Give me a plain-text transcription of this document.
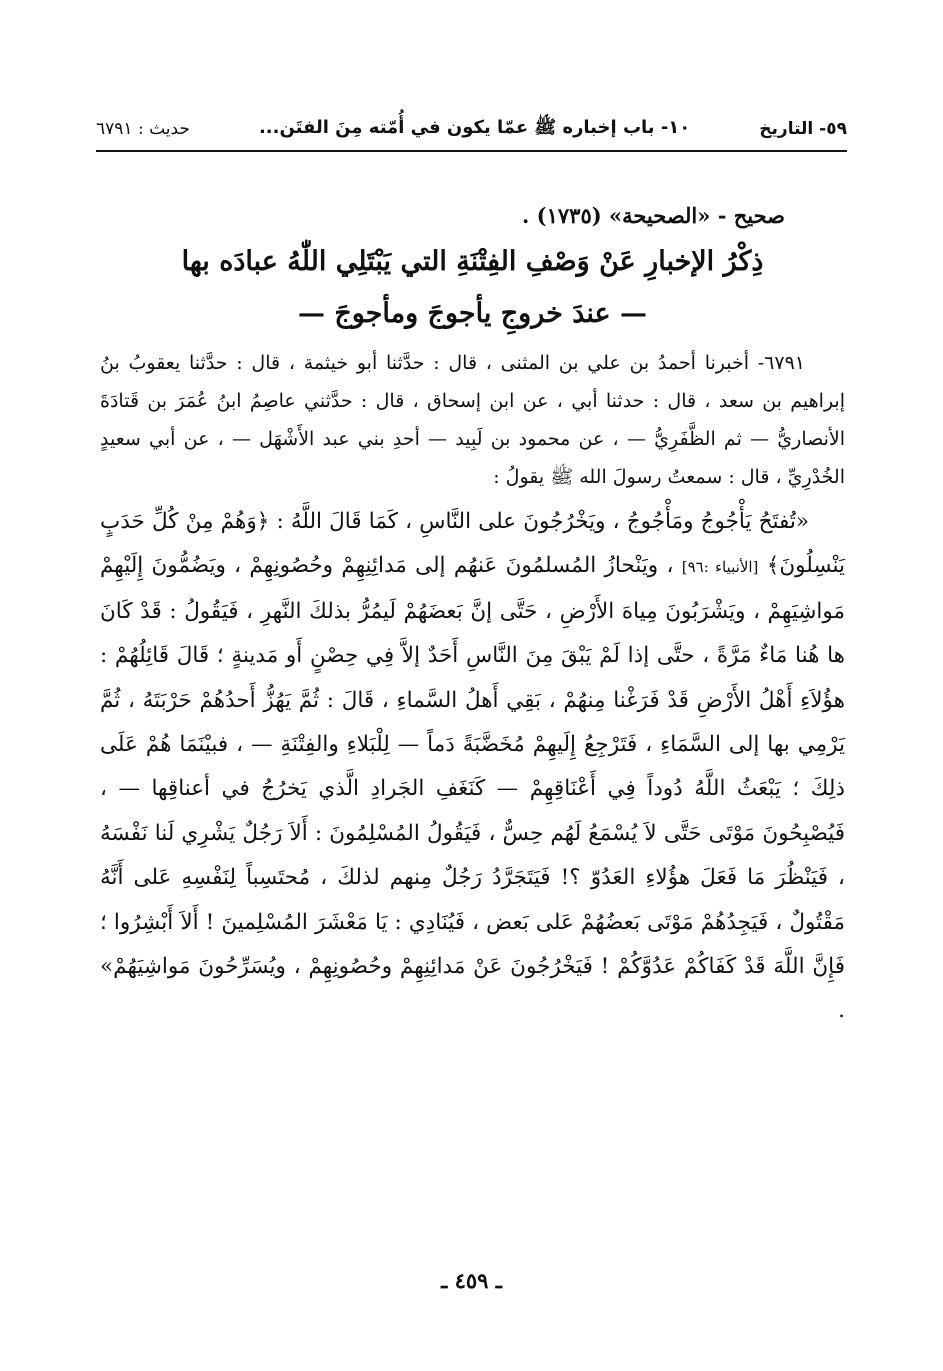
٥٩- التاريخ
١٠- باب إخباره ﷺ عمّا يكون في أُمّته مِنَ الفتَن...
حديث : ٦٧٩١

صحيح - «الصحيحة» (١٧٣٥) .

ذِكْرُ الإخبارِ عَنْ وَصْفِ الفِتْنَةِ التي يَبْتَلِي اللّٰهُ عبادَه بها

— عندَ خروجِ يأجوجَ ومأجوجَ —

٦٧٩١- أخبرنا أحمدُ بن علي بن المثنى ، قال : حدَّثنا أبو خيثمة ، قال : حدَّثنا يعقوبُ بنُ إبراهيم بن سعد ، قال : حدثنا أبي ، عن ابن إسحاق ، قال : حدَّثني عاصِمُ ابنُ عُمَرَ بن قَتادَةَ الأنصاريُّ — ثم الظَّفَرِيُّ — ، عن محمود بن لَبِيد — أحدِ بني عبد الأَشْهَل — ، عن أبي سعيدٍ الخُدْرِيِّ ، قال : سمعتُ رسولَ الله ﷺ يقولُ :

«تُفتَحُ يَأْجُوجُ ومَأْجُوجُ ، ويَخْرُجُونَ على النَّاسِ ، كَمَا قَالَ اللَّهُ : ﴿وَهُمْ مِنْ كُلِّ حَدَبٍ يَنْسِلُونَ﴾ [الأنبياء :٩٦] ، ويَنْحازُ المُسلمُونَ عَنهُم إلى مَدائِنِهِمْ وحُصُونِهِمْ ، ويَضُمُّونَ إِلَيْهِمْ مَواشِيَهِمْ ، ويَشْرَبُونَ مِياهَ الأَرْضِ ، حَتَّى إنَّ بَعضَهُمْ لَيمُرُّ بذلكَ النَّهرِ ، فَيَقُولُ : قَدْ كَانَ ها هُنا مَاءٌ مَرَّةً ، حتَّى إذا لَمْ يَبْقَ مِنَ النَّاسِ أَحَدٌ إلاَّ فِي حِصْنٍ أَو مَدينةٍ ؛ قَالَ قَائِلُهُمْ : هؤُلاَءِ أَهْلُ الأَرْضِ قَدْ فَرَغْنا مِنهُمْ ، بَقِي أَهلُ السَّماءِ ، قَالَ : ثُمَّ يَهُزُّ أَحدُهُمْ حَرْبَتَهُ ، ثُمَّ يَرْمِي بها إلى السَّمَاءِ ، فَتَرْجِعُ إِلَيهِمْ مُخَضَّبَةً دَماً — لِلْبَلاءِ والفِتْنَةِ — ، فبيْنَمَا هُمْ عَلَى ذلِكَ ؛ يَبْعَثُ اللَّهُ دُوداً فِي أَعْنَاقِهِمْ — كَنَغَفِ الجَرادِ الَّذي يَخرُجُ في أعناقِها — ، فَيُصْبِحُونَ مَوْتَى حَتَّى لاَ يُسْمَعُ لَهُم حِسٌّ ، فَيَقُولُ المُسْلِمُونَ : أَلاَ رَجُلٌ يَشْرِي لَنا نَفْسَهُ ، فَيَنْظُرَ مَا فَعَلَ هؤُلاءِ العَدُوّ ؟! فَيَتَجَرَّدُ رَجُلٌ مِنهم لذلكَ ، مُحتَسِباً لِنَفْسِهِ عَلى أَنَّهُ مَقْتُولٌ ، فَيَجِدُهُمْ مَوْتَى بَعضُهُمْ عَلى بَعض ، فَيُنَادِي : يَا مَعْشَرَ المُسْلِمينَ ! أَلاَ أَبْشِرُوا ؛ فَإِنَّ اللَّهَ قَدْ كَفَاكُمْ عَدُوَّكُمْ ! فَيَخْرُجُونَ عَنْ مَدائِنِهِمْ وحُصُونِهِمْ ، ويُسَرِّحُونَ مَواشِيَهُمْ» .

ـ ٤٥٩ ـ
